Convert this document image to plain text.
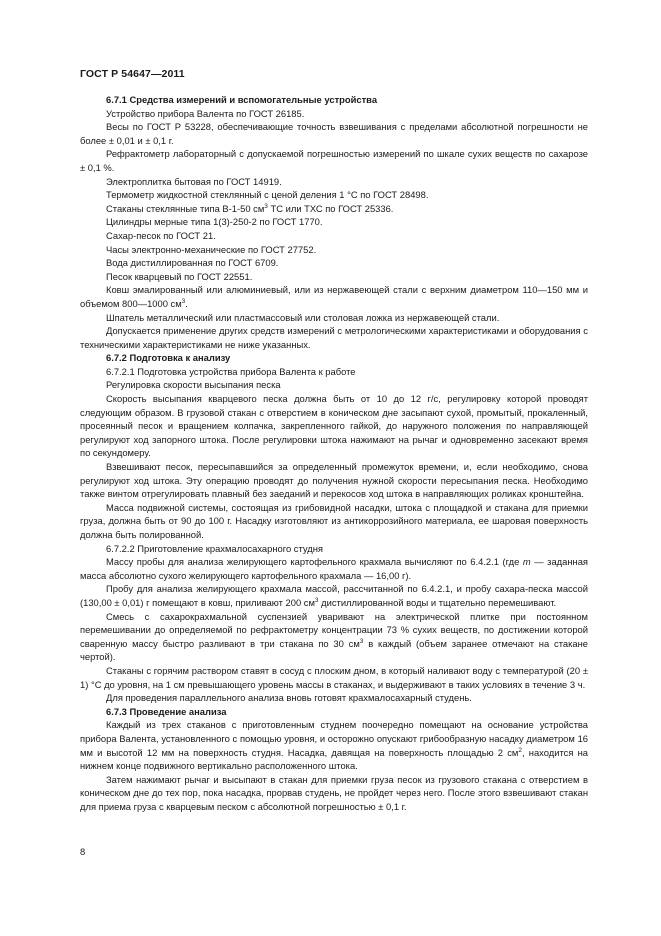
ГОСТ Р 54647—2011

6.7.1 Средства измерений и вспомогательные устройства

Устройство прибора Валента по ГОСТ 26185.

Весы по ГОСТ Р 53228, обеспечивающие точность взвешивания с пределами абсолютной погрешности не более ± 0,01 и ± 0,1 г.

Рефрактометр лабораторный с допускаемой погрешностью измерений по шкале сухих веществ по сахарозе ± 0,1 %.

Электроплитка бытовая по ГОСТ 14919.

Термометр жидкостной стеклянный с ценой деления 1 °С по ГОСТ 28498.

Стаканы стеклянные типа В-1-50 $см^3$ ТС или ТХС по ГОСТ 25336.

Цилиндры мерные типа 1(3)-250-2 по ГОСТ 1770.

Сахар-песок по ГОСТ 21.

Часы электронно-механические по ГОСТ 27752.

Вода дистиллированная по ГОСТ 6709.

Песок кварцевый по ГОСТ 22551.

Ковш эмалированный или алюминиевый, или из нержавеющей стали с верхним диаметром 110—150 мм и объемом 800—1000 $см^3$.

Шпатель металлический или пластмассовый или столовая ложка из нержавеющей стали.

Допускается применение других средств измерений с метрологическими характеристиками и оборудования с техническими характеристиками не ниже указанных.

6.7.2 Подготовка к анализу

6.7.2.1 Подготовка устройства прибора Валента к работе

Регулировка скорости высыпания песка

Скорость высыпания кварцевого песка должна быть от 10 до 12 г/с, регулировку которой проводят следующим образом. В грузовой стакан с отверстием в коническом дне засыпают сухой, промытый, прокаленный, просеянный песок и вращением колпачка, закрепленного гайкой, до наружного положения по направляющей регулируют ход запорного штока. После регулировки штока нажимают на рычаг и одновременно засекают время по секундомеру.

Взвешивают песок, пересыпавшийся за определенный промежуток времени, и, если необходимо, снова регулируют ход штока. Эту операцию проводят до получения нужной скорости пересыпания песка. Необходимо также винтом отрегулировать плавный без заеданий и перекосов ход штока в направляющих роликах кронштейна.

Масса подвижной системы, состоящая из грибовидной насадки, штока с площадкой и стакана для приемки груза, должна быть от 90 до 100 г. Насадку изготовляют из антикоррозийного материала, ее шаровая поверхность должна быть полированной.

6.7.2.2 Приготовление крахмалосахарного студня

Массу пробы для анализа желирующего картофельного крахмала вычисляют по 6.4.2.1 (где m — заданная масса абсолютно сухого желирующего картофельного крахмала — 16,00 г).

Пробу для анализа желирующего крахмала массой, рассчитанной по 6.4.2.1, и пробу сахара-песка массой (130,00 ± 0,01) г помещают в ковш, приливают 200 $см^3$ дистиллированной воды и тщательно перемешивают.

Смесь с сахарокрахмальной суспензией уваривают на электрической плитке при постоянном перемешивании до определяемой по рефрактометру концентрации 73 % сухих веществ, по достижении которой сваренную массу быстро разливают в три стакана по 30 $см^3$ в каждый (объем заранее отмечают на стакане чертой).

Стаканы с горячим раствором ставят в сосуд с плоским дном, в который наливают воду с температурой (20 ± 1) °С до уровня, на 1 см превышающего уровень массы в стаканах, и выдерживают в таких условиях в течение 3 ч.

Для проведения параллельного анализа вновь готовят крахмалосахарный студень.

6.7.3 Проведение анализа

Каждый из трех стаканов с приготовленным студнем поочередно помещают на основание устройства прибора Валента, установленного с помощью уровня, и осторожно опускают грибообразную насадку диаметром 16 мм и высотой 12 мм на поверхность студня. Насадка, давящая на поверхность площадью 2 $см^2$, находится на нижнем конце подвижного вертикально расположенного штока.

Затем нажимают рычаг и высыпают в стакан для приемки груза песок из грузового стакана с отверстием в коническом дне до тех пор, пока насадка, прорвав студень, не пройдет через него. После этого взвешивают стакан для приема груза с кварцевым песком с абсолютной погрешностью ± 0,1 г.

8
